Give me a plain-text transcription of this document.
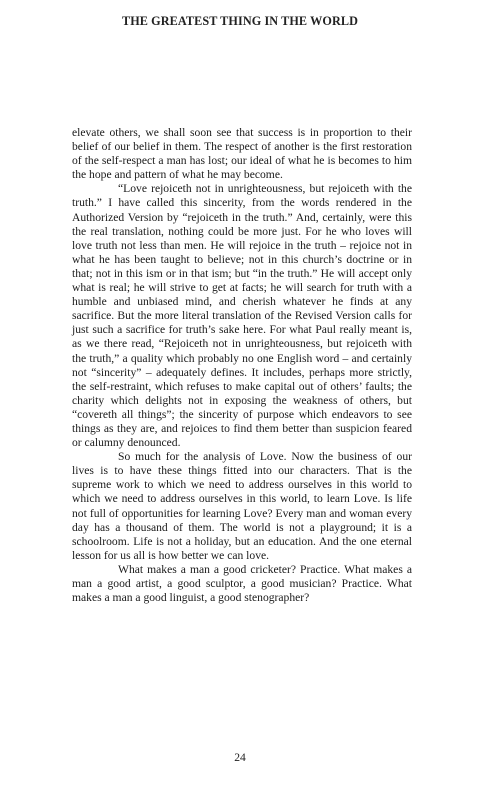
THE GREATEST THING IN THE WORLD

elevate others, we shall soon see that success is in proportion to their belief of our belief in them. The respect of another is the first restoration of the self-respect a man has lost; our ideal of what he is becomes to him the hope and pattern of what he may become.

“Love rejoiceth not in unrighteousness, but rejoiceth with the truth.” I have called this sincerity, from the words rendered in the Authorized Version by “rejoiceth in the truth.” And, certainly, were this the real translation, nothing could be more just. For he who loves will love truth not less than men. He will rejoice in the truth – rejoice not in what he has been taught to believe; not in this church’s doctrine or in that; not in this ism or in that ism; but “in the truth.” He will accept only what is real; he will strive to get at facts; he will search for truth with a humble and unbiased mind, and cherish whatever he finds at any sacrifice. But the more literal translation of the Revised Version calls for just such a sacrifice for truth’s sake here. For what Paul really meant is, as we there read, “Rejoiceth not in unrighteousness, but rejoiceth with the truth,” a quality which probably no one English word – and certainly not “sincerity” – adequately defines. It includes, perhaps more strictly, the self-restraint, which refuses to make capital out of others’ faults; the charity which delights not in exposing the weakness of others, but “covereth all things”; the sincerity of purpose which endeavors to see things as they are, and rejoices to find them better than suspicion feared or calumny denounced.

So much for the analysis of Love. Now the business of our lives is to have these things fitted into our characters. That is the supreme work to which we need to address ourselves in this world to which we need to address ourselves in this world, to learn Love. Is life not full of opportunities for learning Love? Every man and woman every day has a thousand of them. The world is not a playground; it is a schoolroom. Life is not a holiday, but an education. And the one eternal lesson for us all is how better we can love.

What makes a man a good cricketer? Practice. What makes a man a good artist, a good sculptor, a good musician? Practice. What makes a man a good linguist, a good stenographer?

24
